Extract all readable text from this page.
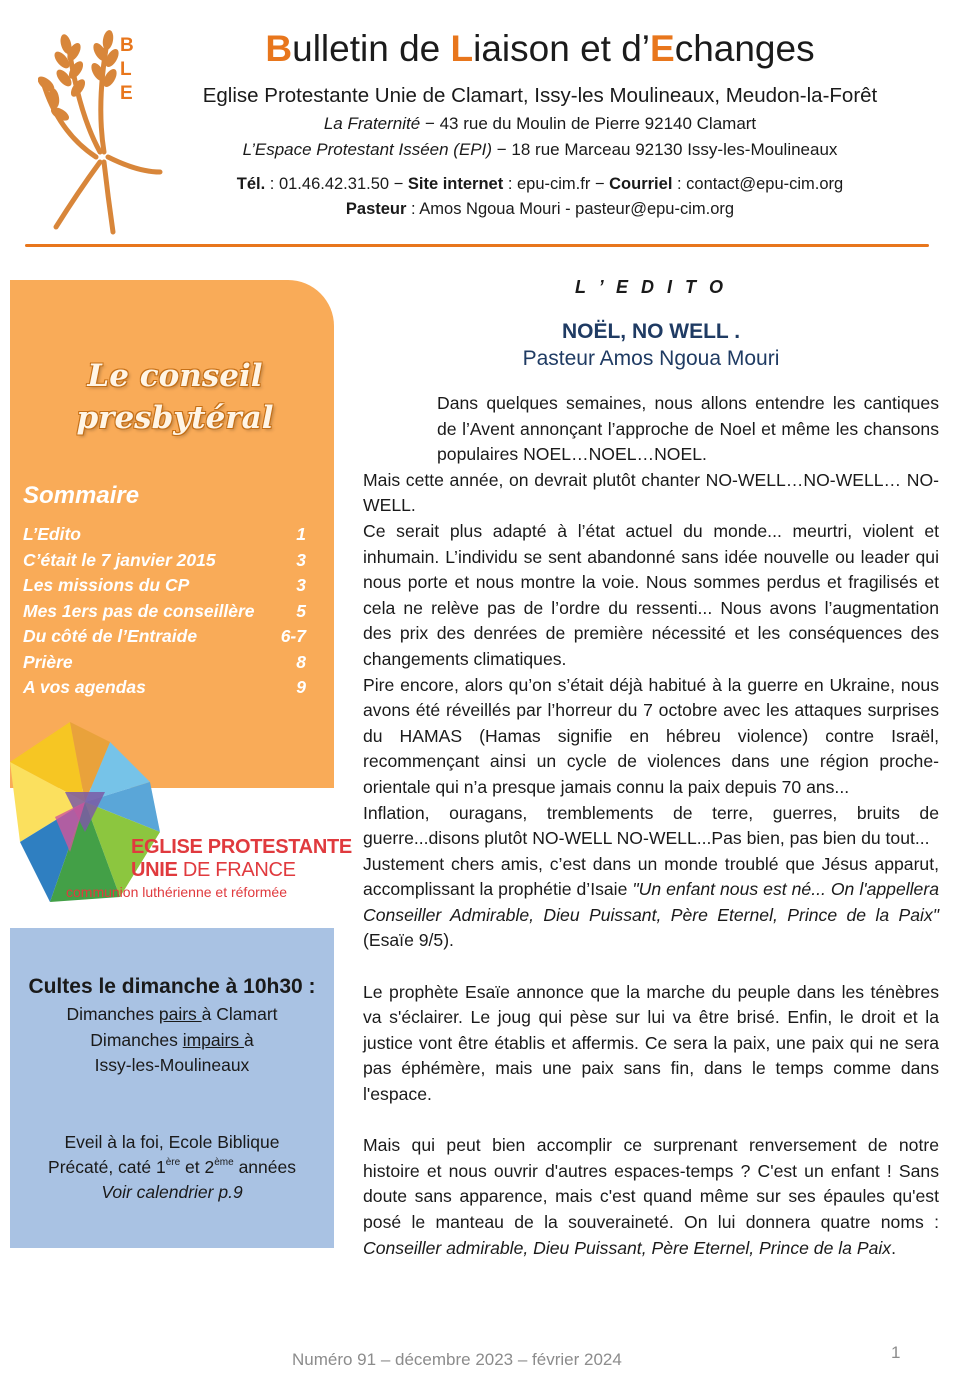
B
L
E
Bulletin de Liaison et d’Echanges
Eglise Protestante Unie de Clamart, Issy-les Moulineaux, Meudon-la-Forêt
La Fraternité − 43 rue du Moulin de Pierre 92140 Clamart
L’Espace Protestant Isséen (EPI) − 18 rue Marceau 92130 Issy-les-Moulineaux
Tél. : 01.46.42.31.50 − Site internet : epu-cim.fr − Courriel : contact@epu-cim.org
Pasteur : Amos Ngoua Mouri - pasteur@epu-cim.org
Le conseil
presbytéral
Sommaire
L’Edito	1
C’était le 7 janvier 2015	3
Les missions du CP	3
Mes 1ers pas de conseillère 5
Du côté de l’Entraide	6-7
Prière	8
A vos agendas	9
EGLISE PROTESTANTE
UNIE DE FRANCE
communion luthérienne et réformée
Cultes le dimanche à 10h30 :
Dimanches pairs à Clamart
Dimanches impairs à
Issy-les-Moulineaux
Eveil à la foi, Ecole Biblique
Précaté, caté 1ère et 2ème années
Voir calendrier p.9
L ’ E D I T O
NOËL, NO WELL .
Pasteur Amos Ngoua Mouri

Dans quelques semaines, nous allons entendre les cantiques de l’Avent annonçant l’approche de Noel et même les chansons populaires NOEL…NOEL…NOEL.

Mais cette année, on devrait plutôt chanter NO-WELL…NO-WELL… NO-WELL.

Ce serait plus adapté à l’état actuel du monde... meurtri, violent et inhumain. L’individu se sent abandonné sans idée nouvelle ou leader qui nous porte et nous montre la voie. Nous sommes perdus et fragilisés et cela ne relève pas de l’ordre du ressenti... Nous avons l’augmentation des prix des denrées de première nécessité et les conséquences des changements climatiques.

Pire encore, alors qu’on s’était déjà habitué à la guerre en Ukraine, nous avons été réveillés par l’horreur du 7 octobre avec les attaques surprises du HAMAS (Hamas signifie en hébreu violence) contre Israël, recommençant ainsi un cycle de violences dans une région proche-orientale qui n’a presque jamais connu la paix depuis 70 ans...

Inflation, ouragans, tremblements de terre, guerres, bruits de guerre...disons plutôt NO-WELL NO-WELL...Pas bien, pas bien du tout...

Justement chers amis, c’est dans un monde troublé que Jésus apparut, accomplissant la prophétie d’Isaie "Un enfant nous est né... On l'appellera Conseiller Admirable, Dieu Puissant, Père Eternel, Prince de la Paix" (Esaïe 9/5).

Le prophète Esaïe annonce que la marche du peuple dans les ténèbres va s'éclairer. Le joug qui pèse sur lui va être brisé. Enfin, le droit et la justice vont être établis et affermis. Ce sera la paix, une paix qui ne sera pas éphémère, mais une paix sans fin, dans le temps comme dans l'espace.

Mais qui peut bien accomplir ce surprenant renversement de notre histoire et nous ouvrir d'autres espaces-temps ? C'est un enfant ! Sans doute sans apparence, mais c'est quand même sur ses épaules qu'est posé le manteau de la souveraineté. On lui donnera quatre noms : Conseiller admirable, Dieu Puissant, Père Eternel, Prince de la Paix.

Numéro 91 – décembre 2023 – février 2024	1
